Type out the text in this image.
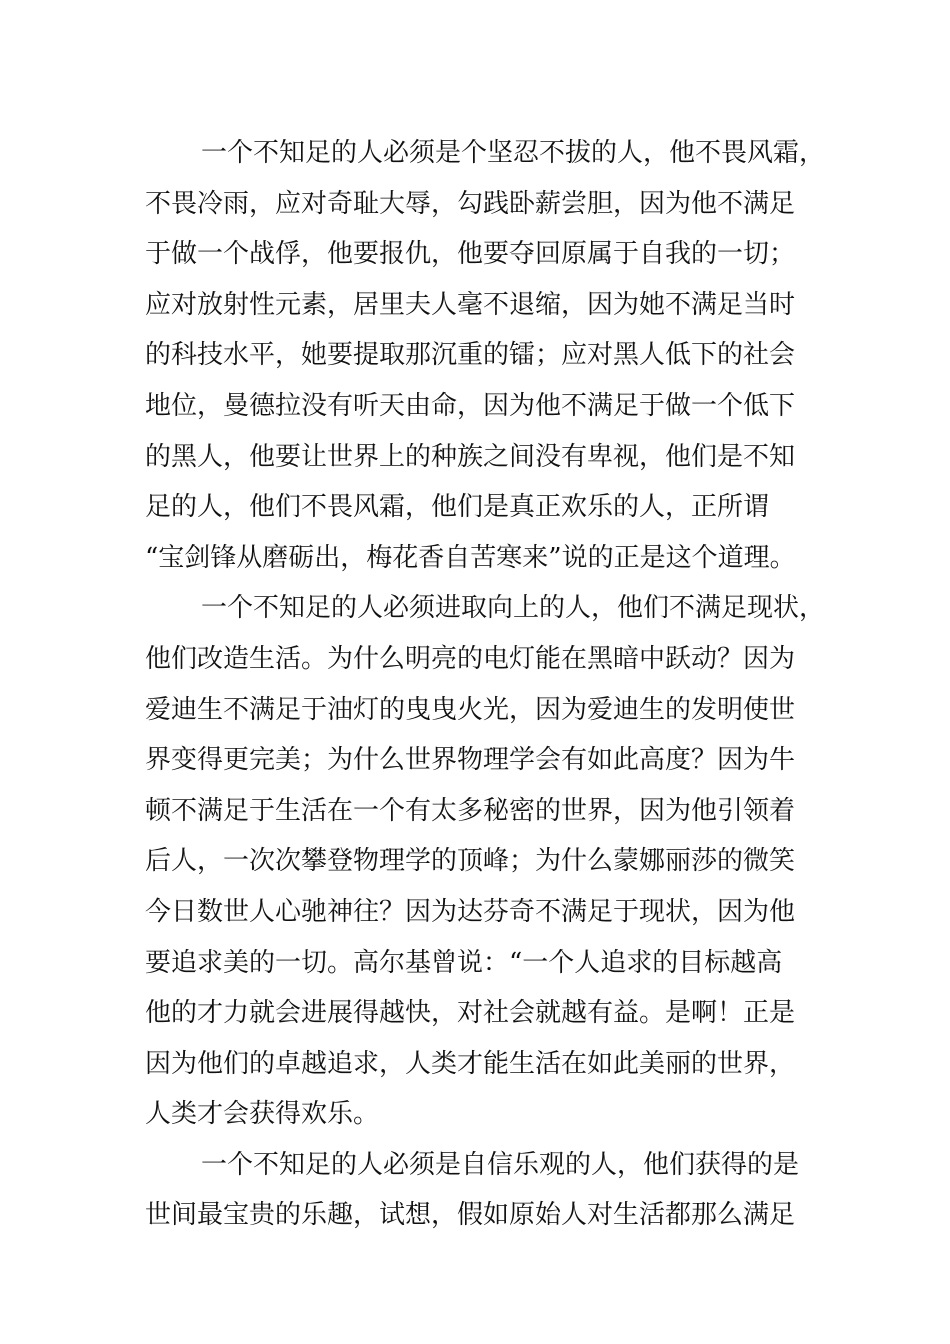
一个不知足的人必须是个坚忍不拔的人，他不畏风霜，
不畏冷雨，应对奇耻大辱，勾践卧薪尝胆，因为他不满足
于做一个战俘，他要报仇，他要夺回原属于自我的一切；
应对放射性元素，居里夫人毫不退缩，因为她不满足当时
的科技水平，她要提取那沉重的镭；应对黑人低下的社会
地位，曼德拉没有听天由命，因为他不满足于做一个低下
的黑人，他要让世界上的种族之间没有卑视，他们是不知
足的人，他们不畏风霜，他们是真正欢乐的人，正所谓
“宝剑锋从磨砺出，梅花香自苦寒来”说的正是这个道理。
一个不知足的人必须进取向上的人，他们不满足现状，
他们改造生活。为什么明亮的电灯能在黑暗中跃动？因为
爱迪生不满足于油灯的曳曳火光，因为爱迪生的发明使世
界变得更完美；为什么世界物理学会有如此高度？因为牛
顿不满足于生活在一个有太多秘密的世界，因为他引领着
后人，一次次攀登物理学的顶峰；为什么蒙娜丽莎的微笑
今日数世人心驰神往？因为达芬奇不满足于现状，因为他
要追求美的一切。高尔基曾说：“一个人追求的目标越高
他的才力就会进展得越快，对社会就越有益。是啊！正是
因为他们的卓越追求，人类才能生活在如此美丽的世界，
人类才会获得欢乐。
一个不知足的人必须是自信乐观的人，他们获得的是
世间最宝贵的乐趣，试想，假如原始人对生活都那么满足
